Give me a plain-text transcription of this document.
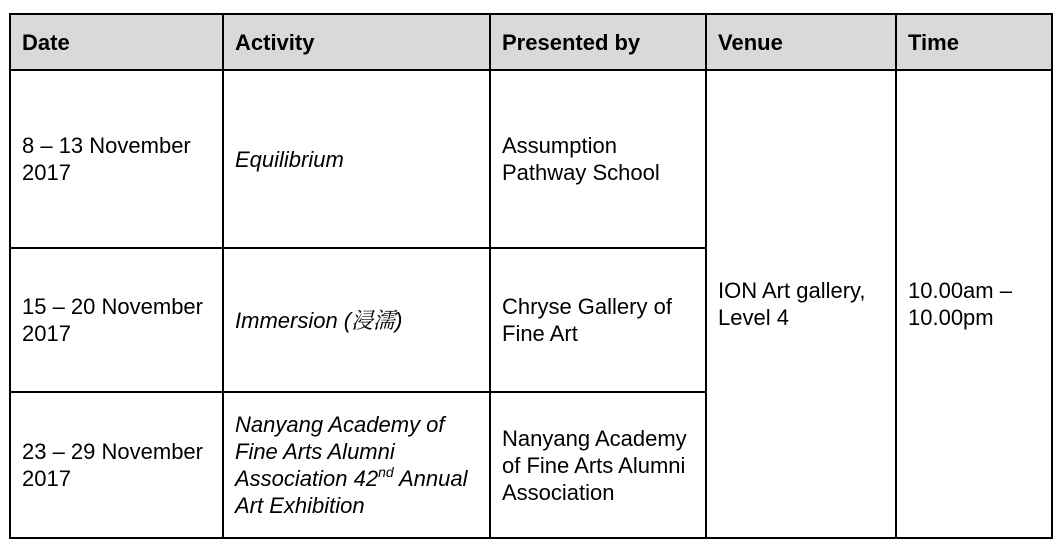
Date	Activity	Presented by	Venue	Time
8 – 13 November 2017	Equilibrium	Assumption Pathway School	ION Art gallery, Level 4	10.00am – 10.00pm
15 – 20 November 2017	Immersion (浸濡)	Chryse Gallery of Fine Art		
23 – 29 November 2017	Nanyang Academy of Fine Arts Alumni Association 42nd Annual Art Exhibition	Nanyang Academy of Fine Arts Alumni Association		
